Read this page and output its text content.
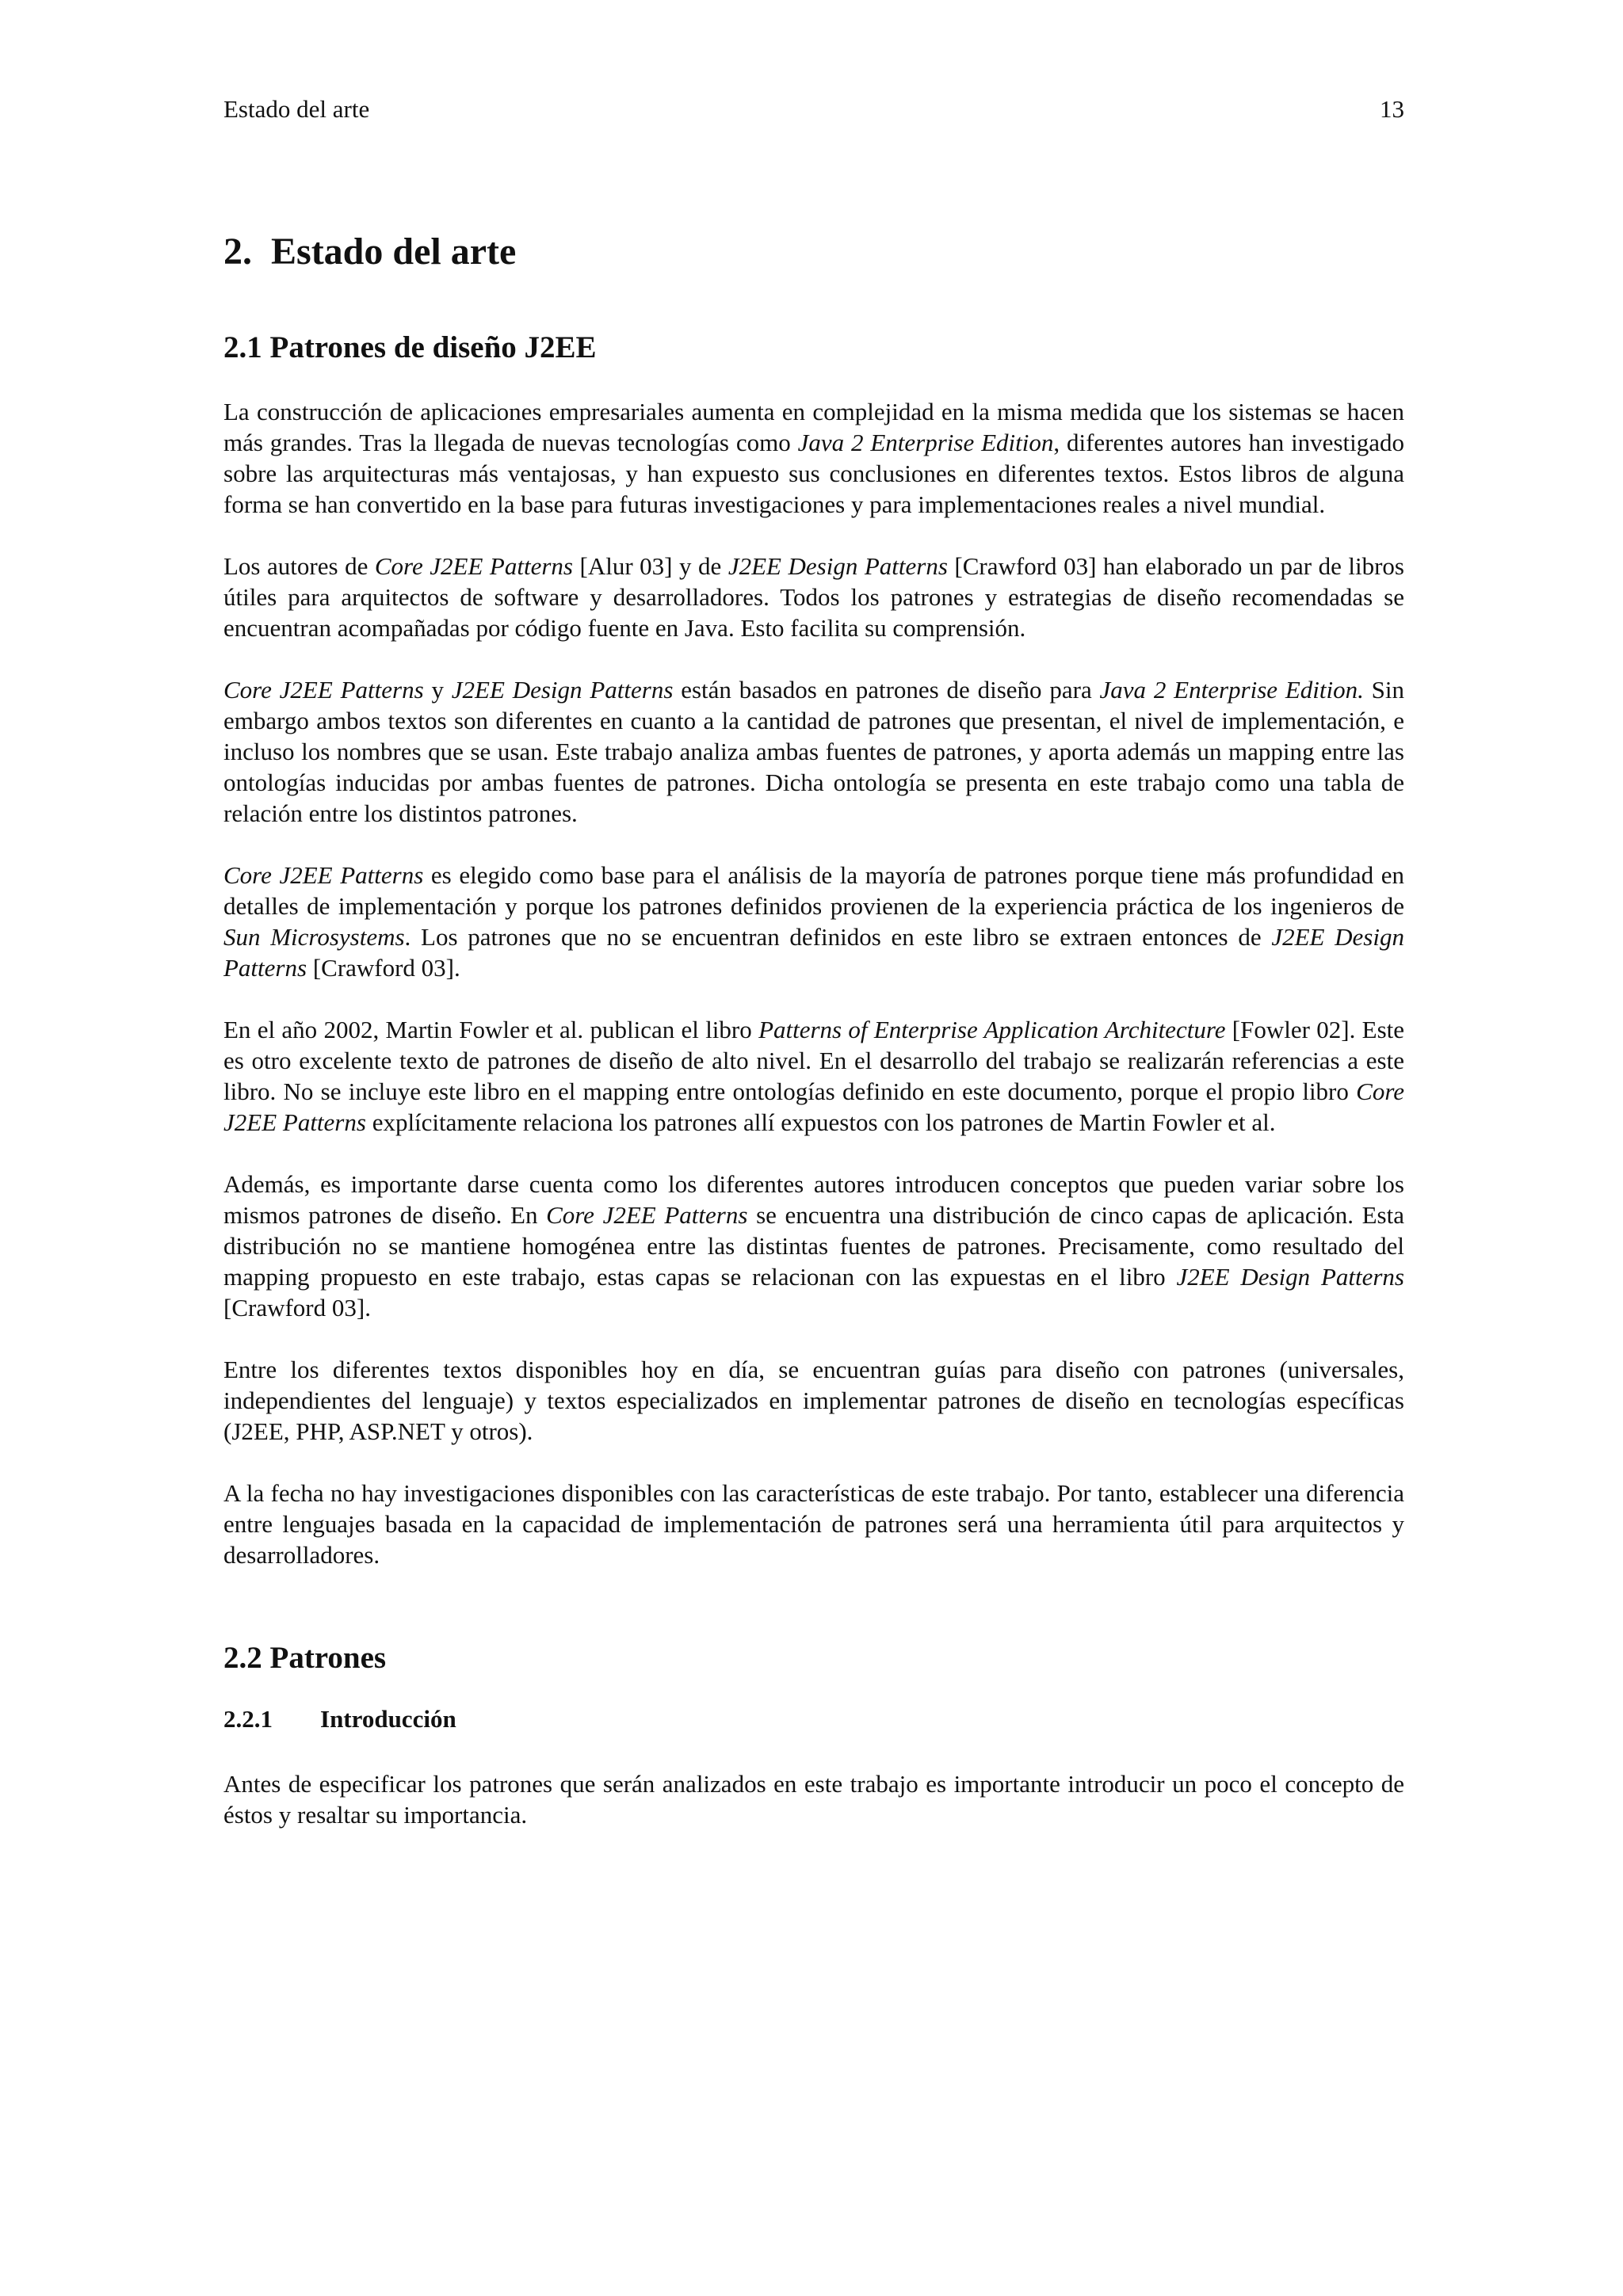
Estado del arte	13
2. Estado del arte
2.1 Patrones de diseño J2EE

La construcción de aplicaciones empresariales aumenta en complejidad en la misma medida que los sistemas se hacen más grandes. Tras la llegada de nuevas tecnologías como Java 2 Enterprise Edition, diferentes autores han investigado sobre las arquitecturas más ventajosas, y han expuesto sus conclusiones en diferentes textos. Estos libros de alguna forma se han convertido en la base para futuras investigaciones y para implementaciones reales a nivel mundial.

Los autores de Core J2EE Patterns [Alur 03] y de J2EE Design Patterns [Crawford 03] han elaborado un par de libros útiles para arquitectos de software y desarrolladores. Todos los patrones y estrategias de diseño recomendadas se encuentran acompañadas por código fuente en Java. Esto facilita su comprensión.

Core J2EE Patterns y J2EE Design Patterns están basados en patrones de diseño para Java 2 Enterprise Edition. Sin embargo ambos textos son diferentes en cuanto a la cantidad de patrones que presentan, el nivel de implementación, e incluso los nombres que se usan. Este trabajo analiza ambas fuentes de patrones, y aporta además un mapping entre las ontologías inducidas por ambas fuentes de patrones. Dicha ontología se presenta en este trabajo como una tabla de relación entre los distintos patrones.

Core J2EE Patterns es elegido como base para el análisis de la mayoría de patrones porque tiene más profundidad en detalles de implementación y porque los patrones definidos provienen de la experiencia práctica de los ingenieros de Sun Microsystems. Los patrones que no se encuentran definidos en este libro se extraen entonces de J2EE Design Patterns [Crawford 03].

En el año 2002, Martin Fowler et al. publican el libro Patterns of Enterprise Application Architecture [Fowler 02]. Este es otro excelente texto de patrones de diseño de alto nivel. En el desarrollo del trabajo se realizarán referencias a este libro. No se incluye este libro en el mapping entre ontologías definido en este documento, porque el propio libro Core J2EE Patterns explícitamente relaciona los patrones allí expuestos con los patrones de Martin Fowler et al.

Además, es importante darse cuenta como los diferentes autores introducen conceptos que pueden variar sobre los mismos patrones de diseño. En Core J2EE Patterns se encuentra una distribución de cinco capas de aplicación. Esta distribución no se mantiene homogénea entre las distintas fuentes de patrones. Precisamente, como resultado del mapping propuesto en este trabajo, estas capas se relacionan con las expuestas en el libro J2EE Design Patterns [Crawford 03].

Entre los diferentes textos disponibles hoy en día, se encuentran guías para diseño con patrones (universales, independientes del lenguaje) y textos especializados en implementar patrones de diseño en tecnologías específicas (J2EE, PHP, ASP.NET y otros).

A la fecha no hay investigaciones disponibles con las características de este trabajo. Por tanto, establecer una diferencia entre lenguajes basada en la capacidad de implementación de patrones será una herramienta útil para arquitectos y desarrolladores.

2.2 Patrones
2.2.1	Introducción

Antes de especificar los patrones que serán analizados en este trabajo es importante introducir un poco el concepto de éstos y resaltar su importancia.
